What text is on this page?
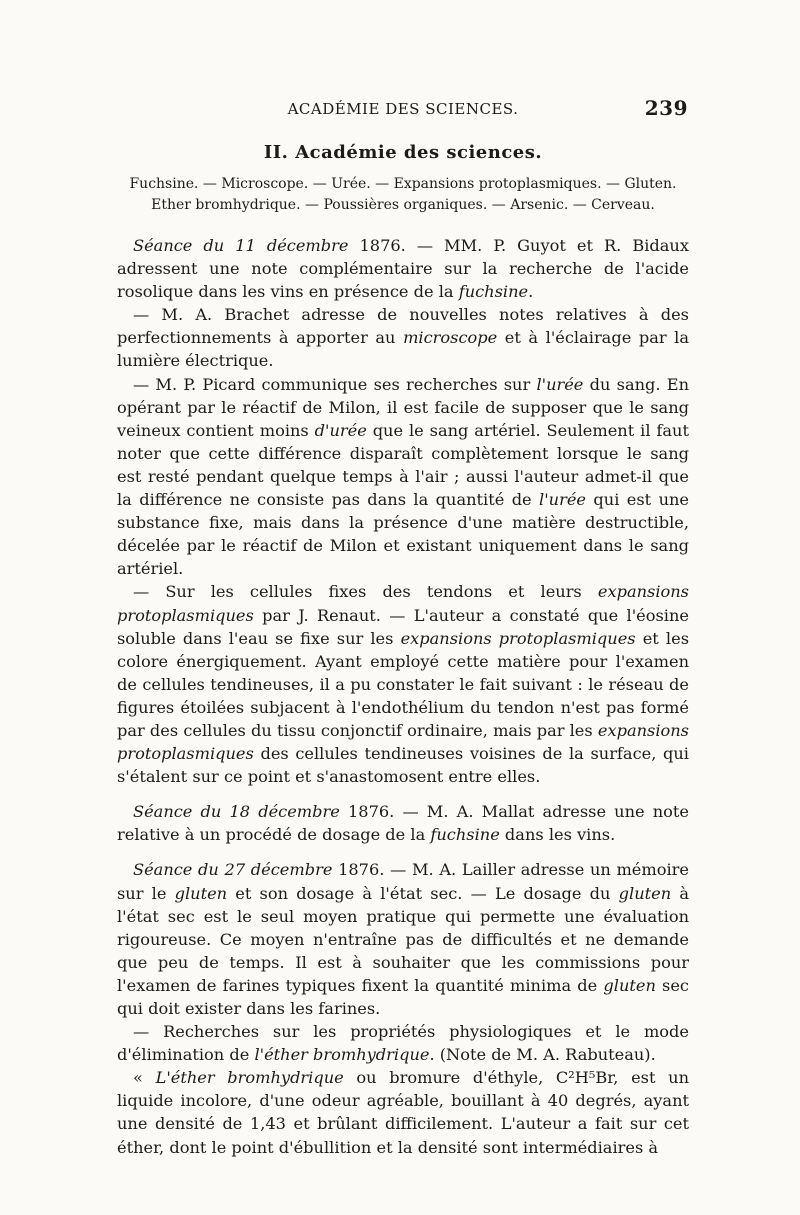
ACADÉMIE DES SCIENCES.	239
II. Académie des sciences.
Fuchsine. — Microscope. — Urée. — Expansions protoplasmiques. — Gluten.
Ether bromhydrique. — Poussières organiques. — Arsenic. — Cerveau.

Séance du 11 décembre 1876. — MM. P. Guyot et R. Bidaux adressent une note complémentaire sur la recherche de l'acide rosolique dans les vins en présence de la fuchsine.

— M. A. Brachet adresse de nouvelles notes relatives à des perfectionnements à apporter au microscope et à l'éclairage par la lumière électrique.

— M. P. Picard communique ses recherches sur l'urée du sang. En opérant par le réactif de Milon, il est facile de supposer que le sang veineux contient moins d'urée que le sang artériel. Seulement il faut noter que cette différence disparaît complètement lorsque le sang est resté pendant quelque temps à l'air ; aussi l'auteur admet-il que la différence ne consiste pas dans la quantité de l'urée qui est une substance fixe, mais dans la présence d'une matière destructible, décelée par le réactif de Milon et existant uniquement dans le sang artériel.

— Sur les cellules fixes des tendons et leurs expansions protoplasmiques par J. Renaut. — L'auteur a constaté que l'éosine soluble dans l'eau se fixe sur les expansions protoplasmiques et les colore énergiquement. Ayant employé cette matière pour l'examen de cellules tendineuses, il a pu constater le fait suivant : le réseau de figures étoilées subjacent à l'endothélium du tendon n'est pas formé par des cellules du tissu conjonctif ordinaire, mais par les expansions protoplasmiques des cellules tendineuses voisines de la surface, qui s'étalent sur ce point et s'anastomosent entre elles.

Séance du 18 décembre 1876. — M. A. Mallat adresse une note relative à un procédé de dosage de la fuchsine dans les vins.

Séance du 27 décembre 1876. — M. A. Lailler adresse un mémoire sur le gluten et son dosage à l'état sec. — Le dosage du gluten à l'état sec est le seul moyen pratique qui permette une évaluation rigoureuse. Ce moyen n'entraîne pas de difficultés et ne demande que peu de temps. Il est à souhaiter que les commissions pour l'examen de farines typiques fixent la quantité minima de gluten sec qui doit exister dans les farines.

— Recherches sur les propriétés physiologiques et le mode d'élimination de l'éther bromhydrique. (Note de M. A. Rabuteau).

« L'éther bromhydrique ou bromure d'éthyle, C²H⁵Br, est un liquide incolore, d'une odeur agréable, bouillant à 40 degrés, ayant une densité de 1,43 et brûlant difficilement. L'auteur a fait sur cet éther, dont le point d'ébullition et la densité sont intermédiaires à
